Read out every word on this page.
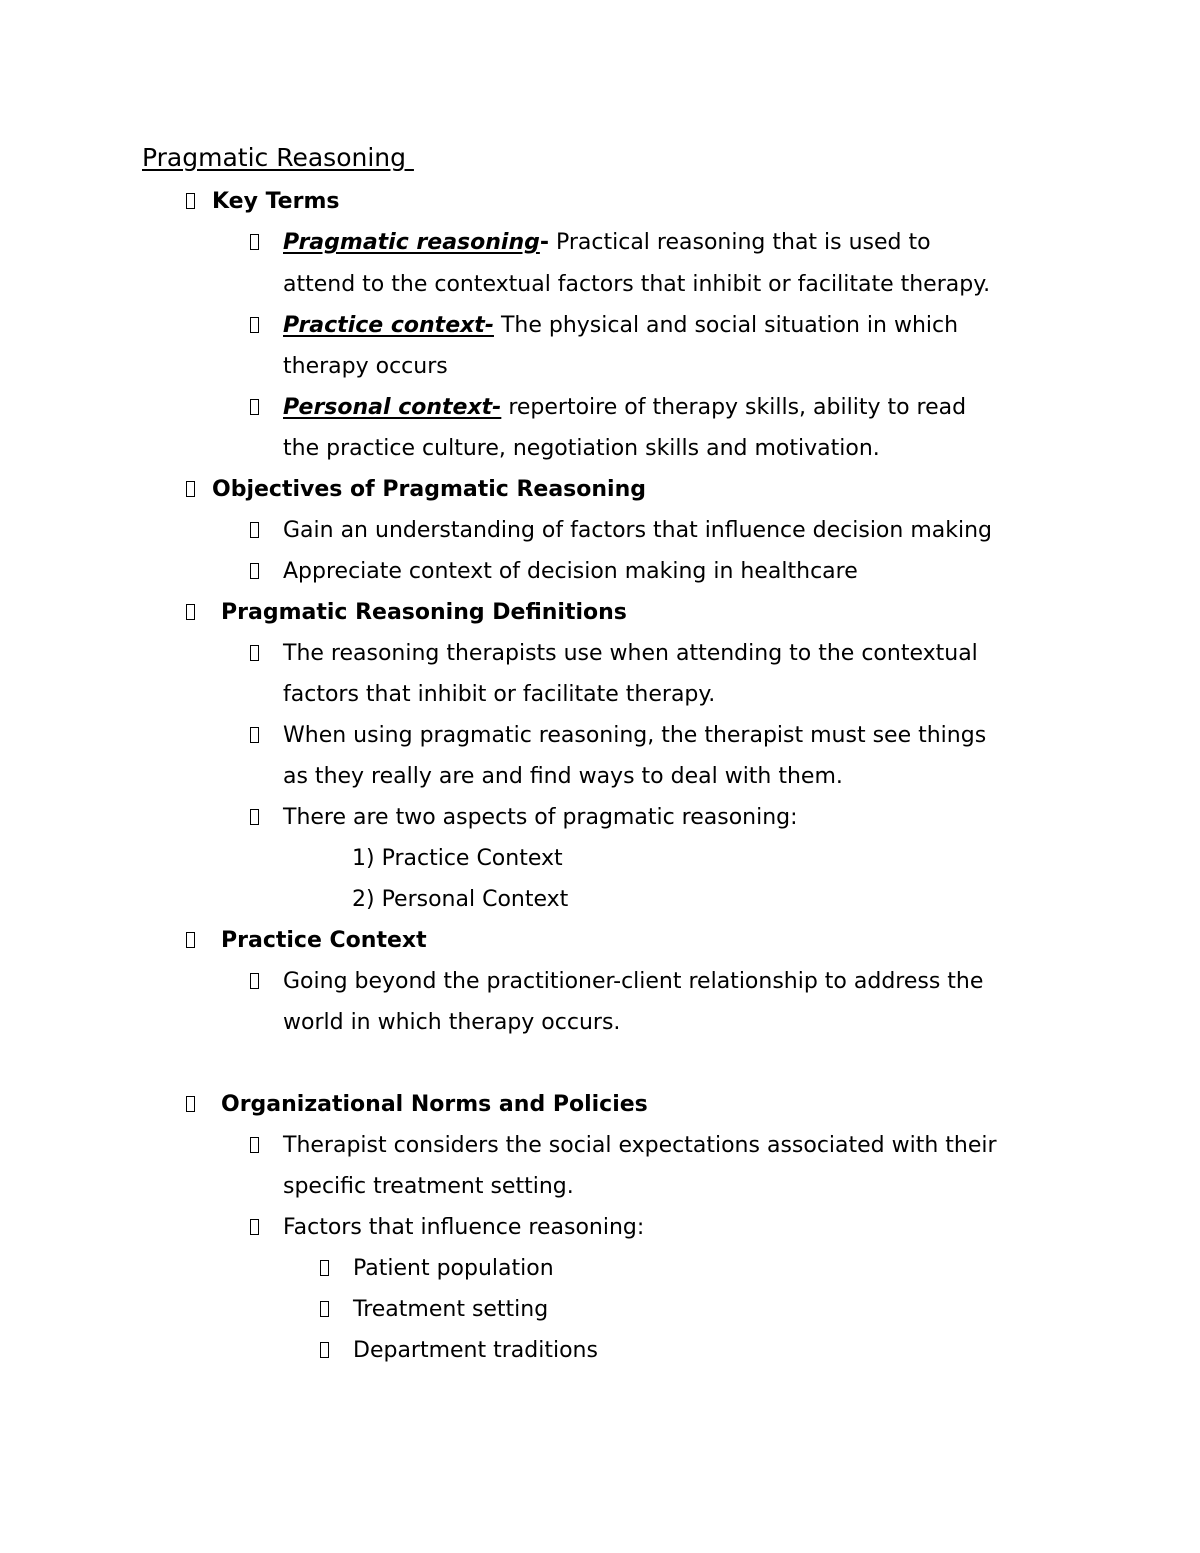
Pragmatic Reasoning
Key Terms
Pragmatic reasoning- Practical reasoning that is used to
attend to the contextual factors that inhibit or facilitate therapy.
Practice context- The physical and social situation in which
therapy occurs
Personal context- repertoire of therapy skills, ability to read
the practice culture, negotiation skills and motivation.
Objectives of Pragmatic Reasoning
Gain an understanding of factors that influence decision making
Appreciate context of decision making in healthcare
Pragmatic Reasoning Definitions
The reasoning therapists use when attending to the contextual
factors that inhibit or facilitate therapy.
When using pragmatic reasoning, the therapist must see things
as they really are and find ways to deal with them.
There are two aspects of pragmatic reasoning:
1) Practice Context
2) Personal Context
Practice Context
Going beyond the practitioner-client relationship to address the
world in which therapy occurs.
Organizational Norms and Policies
Therapist considers the social expectations associated with their
specific treatment setting.
Factors that influence reasoning:
Patient population
Treatment setting
Department traditions
